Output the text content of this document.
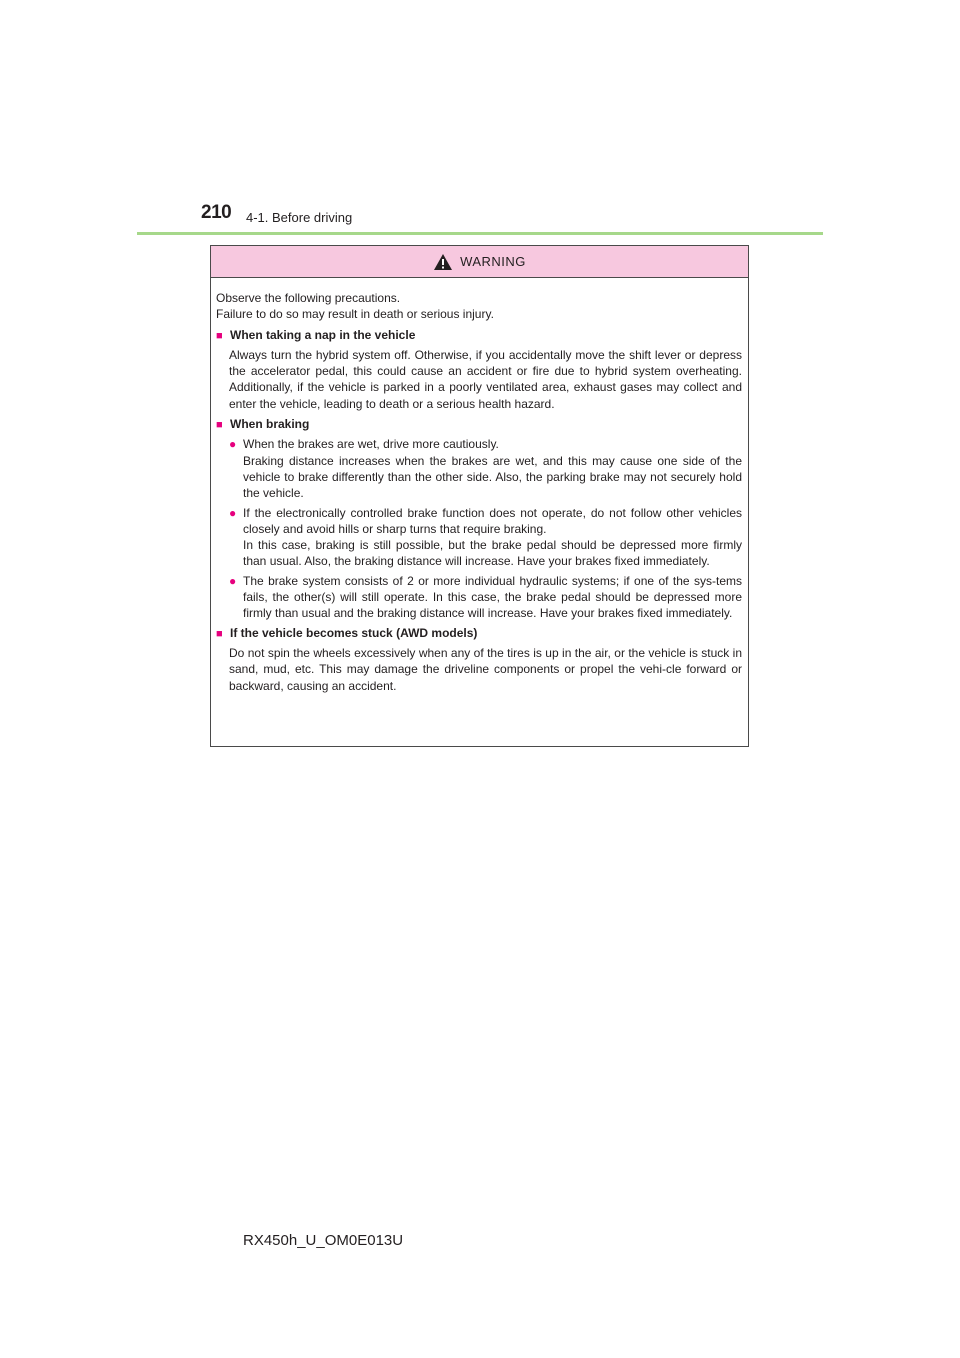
210 4-1. Before driving
WARNING

Observe the following precautions.
Failure to do so may result in death or serious injury.

■ When taking a nap in the vehicle
Always turn the hybrid system off. Otherwise, if you accidentally move the shift lever or depress the accelerator pedal, this could cause an accident or fire due to hybrid system overheating. Additionally, if the vehicle is parked in a poorly ventilated area, exhaust gases may collect and enter the vehicle, leading to death or a serious health hazard.
■ When braking
● When the brakes are wet, drive more cautiously.
Braking distance increases when the brakes are wet, and this may cause one side of the vehicle to brake differently than the other side. Also, the parking brake may not securely hold the vehicle.
● If the electronically controlled brake function does not operate, do not follow other vehicles closely and avoid hills or sharp turns that require braking.
In this case, braking is still possible, but the brake pedal should be depressed more firmly than usual. Also, the braking distance will increase. Have your brakes fixed immediately.
● The brake system consists of 2 or more individual hydraulic systems; if one of the sys-tems fails, the other(s) will still operate. In this case, the brake pedal should be depressed more firmly than usual and the braking distance will increase. Have your brakes fixed immediately.
■ If the vehicle becomes stuck (AWD models)
Do not spin the wheels excessively when any of the tires is up in the air, or the vehicle is stuck in sand, mud, etc. This may damage the driveline components or propel the vehi-cle forward or backward, causing an accident.
RX450h_U_OM0E013U
carmanualsonline.info
